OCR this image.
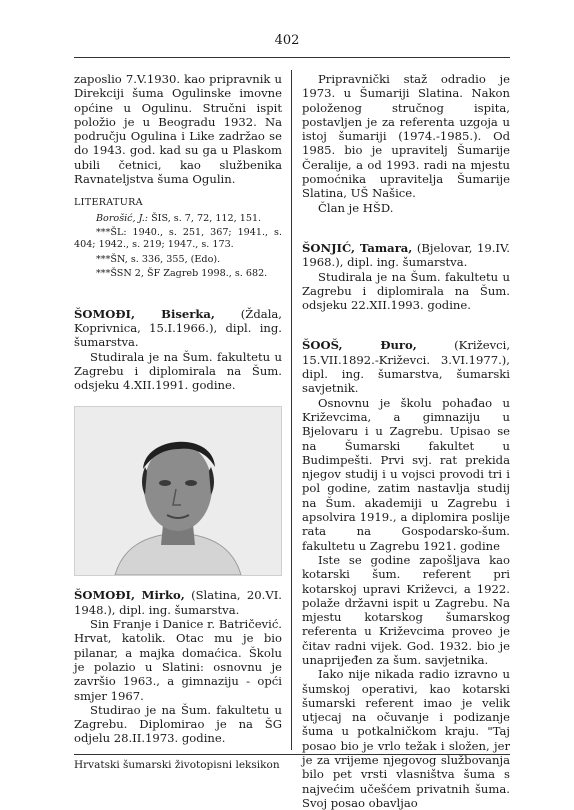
402

zaposlio 7.V.1930. kao pripravnik u Direkciji šuma Ogulinske imovne općine u Ogulinu. Stručni ispit položio je u Beogradu 1932. Na području Ogulina i Like zadržao se do 1943. god. kad su ga u Plaskom ubili četnici, kao službenika Ravnateljstva šuma Ogulin.

LITERATURA

Borošić, J.: ŠIS, s. 7, 72, 112, 151.

***ŠL: 1940., s. 251, 367; 1941., s. 404; 1942., s. 219; 1947., s. 173.

***ŠN, s. 336, 355, (Edo).

***ŠSN 2, ŠF Zagreb 1998., s. 682.

ŠOMOĐI, Biserka, (Ždala, Koprivnica, 15.I.1966.), dipl. ing. šumarstva.

Studirala je na Šum. fakultetu u Zagrebu i diplomirala na Šum. odsjeku 4.XII.1991. godine.

ŠOMOĐI, Mirko, (Slatina, 20.VI. 1948.), dipl. ing. šumarstva.

Sin Franje i Danice r. Batričević. Hrvat, katolik. Otac mu je bio pilanar, a majka domaćica. Školu je polazio u Slatini: osnovnu je završio 1963., a gimnaziju - opći smjer 1967.

Studirao je na Šum. fakultetu u Zagrebu. Diplomirao je na ŠG odjelu 28.II.1973. godine.

Pripravnički staž odradio je 1973. u Šumariji Slatina. Nakon položenog stručnog ispita, postavljen je za referenta uzgoja u istoj šumariji (1974.-1985.). Od 1985. bio je upravitelj Šumarije Čeralije, a od 1993. radi na mjestu pomoćnika upravitelja Šumarije Slatina, UŠ Našice.

Član je HŠD.

ŠONJIĆ, Tamara, (Bjelovar, 19.IV. 1968.), dipl. ing. šumarstva.

Studirala je na Šum. fakultetu u Zagrebu i diplomirala na Šum. odsjeku 22.XII.1993. godine.

ŠOOŠ, Đuro, (Križevci, 15.VII.1892.-Križevci. 3.VI.1977.), dipl. ing. šumarstva, šumarski savjetnik.

Osnovnu je školu pohađao u Križevcima, a gimnaziju u Bjelovaru i u Zagrebu. Upisao se na Šumarski fakultet u Budimpešti. Prvi svj. rat prekida njegov studij i u vojsci provodi tri i pol godine, zatim nastavlja studij na Šum. akademiji u Zagrebu i apsolvira 1919., a diplomira poslije rata na Gospodarsko-šum. fakultetu u Zagrebu 1921. godine

Iste se godine zapošljava kao kotarski šum. referent pri kotarskoj upravi Križevci, a 1922. polaže državni ispit u Zagrebu. Na mjestu kotarskog šumarskog referenta u Križevcima proveo je čitav radni vijek. God. 1932. bio je unaprijeđen za šum. savjetnika.

Iako nije nikada radio izravno u šumskoj operativi, kao kotarski šumarski referent imao je velik utjecaj na očuvanje i podizanje šuma u potkalničkom kraju. "Taj posao bio je vrlo težak i složen, jer je za vrijeme njegovog službovanja bilo pet vrsti vlasništva šuma s najvećim učešćem privatnih šuma. Svoj posao obavljao

Hrvatski šumarski životopisni leksikon
